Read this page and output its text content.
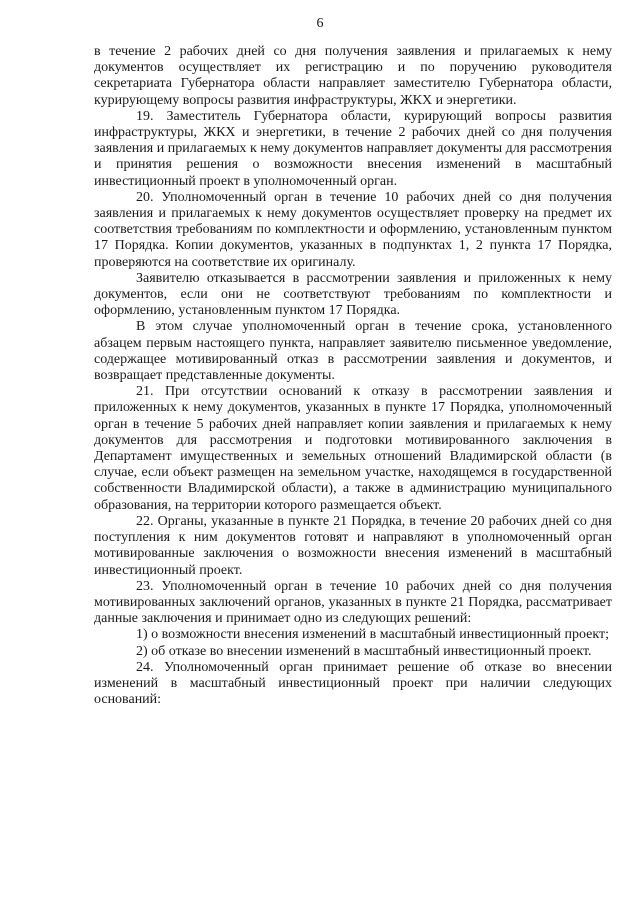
6

в течение 2 рабочих дней со дня получения заявления и прилагаемых к нему документов осуществляет их регистрацию и по поручению руководителя секретариата Губернатора области направляет заместителю Губернатора области, курирующему вопросы развития инфраструктуры, ЖКХ и энергетики.

19. Заместитель Губернатора области, курирующий вопросы развития инфраструктуры, ЖКХ и энергетики, в течение 2 рабочих дней со дня получения заявления и прилагаемых к нему документов направляет документы для рассмотрения и принятия решения о возможности внесения изменений в масштабный инвестиционный проект в уполномоченный орган.

20. Уполномоченный орган в течение 10 рабочих дней со дня получения заявления и прилагаемых к нему документов осуществляет проверку на предмет их соответствия требованиям по комплектности и оформлению, установленным пунктом 17 Порядка. Копии документов, указанных в подпунктах 1, 2 пункта 17 Порядка, проверяются на соответствие их оригиналу.

Заявителю отказывается в рассмотрении заявления и приложенных к нему документов, если они не соответствуют требованиям по комплектности и оформлению, установленным пунктом 17 Порядка.

В этом случае уполномоченный орган в течение срока, установленного абзацем первым настоящего пункта, направляет заявителю письменное уведомление, содержащее мотивированный отказ в рассмотрении заявления и документов, и возвращает представленные документы.

21. При отсутствии оснований к отказу в рассмотрении заявления и приложенных к нему документов, указанных в пункте 17 Порядка, уполномоченный орган в течение 5 рабочих дней направляет копии заявления и прилагаемых к нему документов для рассмотрения и подготовки мотивированного заключения в Департамент имущественных и земельных отношений Владимирской области (в случае, если объект размещен на земельном участке, находящемся в государственной собственности Владимирской области), а также в администрацию муниципального образования, на территории которого размещается объект.

22. Органы, указанные в пункте 21 Порядка, в течение 20 рабочих дней со дня поступления к ним документов готовят и направляют в уполномоченный орган мотивированные заключения о возможности внесения изменений в масштабный инвестиционный проект.

23. Уполномоченный орган в течение 10 рабочих дней со дня получения мотивированных заключений органов, указанных в пункте 21 Порядка, рассматривает данные заключения и принимает одно из следующих решений:

1) о возможности внесения изменений в масштабный инвестиционный проект;

2) об отказе во внесении изменений в масштабный инвестиционный проект.

24. Уполномоченный орган принимает решение об отказе во внесении изменений в масштабный инвестиционный проект при наличии следующих оснований:
